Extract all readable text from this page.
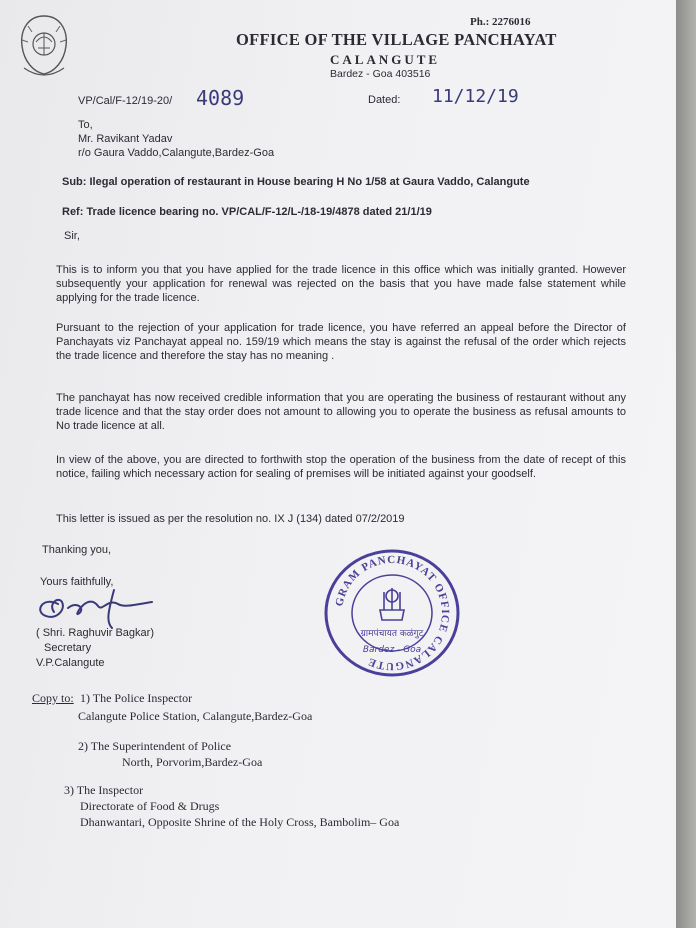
Ph.: 2276016
OFFICE OF THE VILLAGE PANCHAYAT
CALANGUTE
Bardez - Goa 403516
VP/Cal/F-12/19-20/ 4089	Dated: 11/12/19
To,
Mr. Ravikant Yadav
r/o Gaura Vaddo,Calangute,Bardez-Goa
Sub: Ilegal operation of restaurant in House bearing H No 1/58 at Gaura Vaddo, Calangute
Ref: Trade licence bearing no. VP/CAL/F-12/L-/18-19/4878 dated 21/1/19
Sir,
This is to inform you that you have applied for the trade licence in this office which was initially granted. However subsequently your application for renewal was rejected on the basis that you have made false statement while applying for the trade licence.
Pursuant to the rejection of your application for trade licence, you have referred an appeal before the Director of Panchayats viz Panchayat appeal no. 159/19 which means the stay is against the refusal of the order which rejects the trade licence and therefore the stay has no meaning .
The panchayat has now received credible information that you are operating the business of restaurant without any trade licence and that the stay order does not amount to allowing you to operate the business as refusal amounts to No trade licence at all.
In view of the above, you are directed to forthwith stop the operation of the business from the date of recept of this notice, failing which necessary action for sealing of premises will be initiated against your goodself.
This letter is issued as per the resolution no. IX J (134) dated 07/2/2019
Thanking you,
Yours faithfully,
( Shri. Raghuvir Bagkar)
Secretary
V.P.Calangute
GRAM PANCHAYAT OFFICE CALANGUTE
ग्रामपंचायत कळंगुट
Bardez - Goa
Copy to: 1) The Police Inspector
Calangute Police Station, Calangute,Bardez-Goa
2) The Superintendent of Police
North, Porvorim,Bardez-Goa
3) The Inspector
Directorate of Food & Drugs
Dhanwantari, Opposite Shrine of the Holy Cross, Bambolim– Goa
